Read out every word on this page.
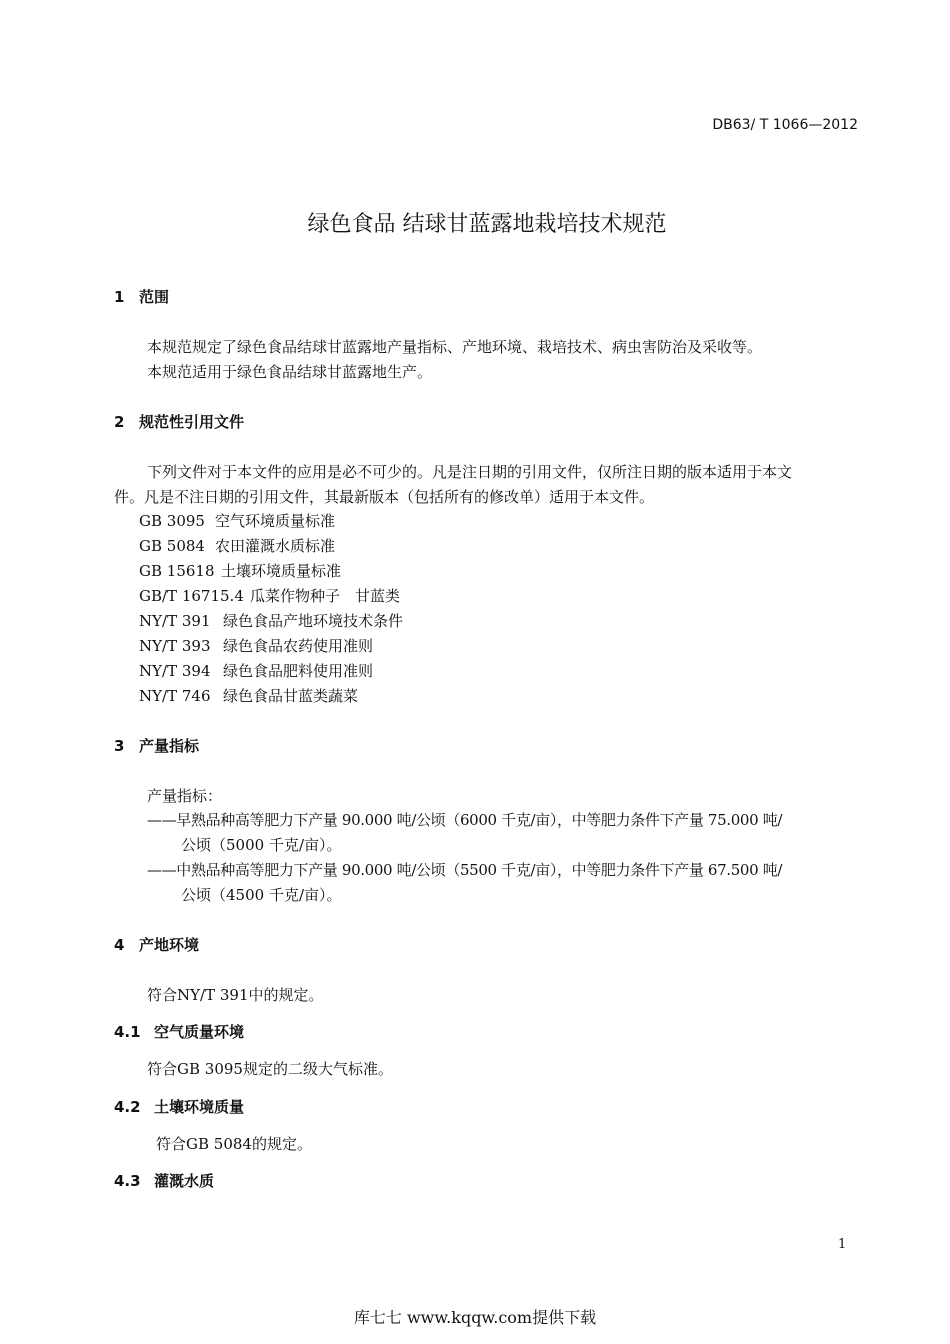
DB63/ T 1066—2012
绿色食品 结球甘蓝露地栽培技术规范
1 范围
本规范规定了绿色食品结球甘蓝露地产量指标、产地环境、栽培技术、病虫害防治及采收等。
本规范适用于绿色食品结球甘蓝露地生产。
2 规范性引用文件
下列文件对于本文件的应用是必不可少的。凡是注日期的引用文件，仅所注日期的版本适用于本文
件。凡是不注日期的引用文件，其最新版本（包括所有的修改单）适用于本文件。
GB 3095 空气环境质量标准
GB 5084 农田灌溉水质标准
GB 15618 土壤环境质量标准
GB/T 16715.4 瓜菜作物种子　甘蓝类
NY/T 391 绿色食品产地环境技术条件
NY/T 393 绿色食品农药使用准则
NY/T 394 绿色食品肥料使用准则
NY/T 746 绿色食品甘蓝类蔬菜
3 产量指标
产量指标：
——早熟品种高等肥力下产量 90.000 吨/公顷（6000 千克/亩），中等肥力条件下产量 75.000 吨/
公顷（5000 千克/亩）。
——中熟品种高等肥力下产量 90.000 吨/公顷（5500 千克/亩），中等肥力条件下产量 67.500 吨/
公顷（4500 千克/亩）。
4 产地环境
符合NY/T 391中的规定。
4.1 空气质量环境
符合GB 3095规定的二级大气标准。
4.2 土壤环境质量
符合GB 5084的规定。
4.3 灌溉水质
1
库七七 www.kqqw.com提供下载
